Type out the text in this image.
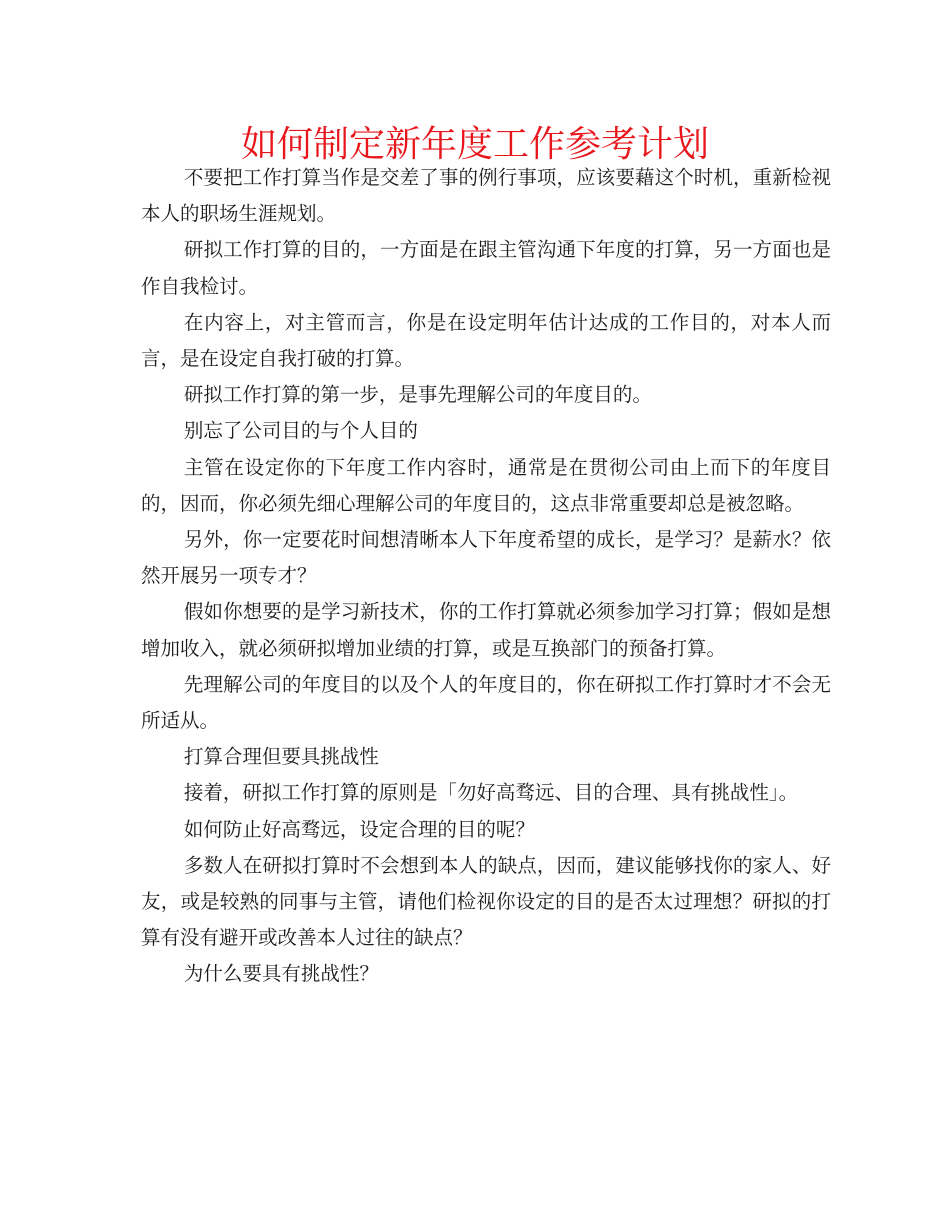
如何制定新年度工作参考计划

不要把工作打算当作是交差了事的例行事项，应该要藉这个时机，重新检视本人的职场生涯规划。

研拟工作打算的目的，一方面是在跟主管沟通下年度的打算，另一方面也是作自我检讨。

在内容上，对主管而言，你是在设定明年估计达成的工作目的，对本人而言，是在设定自我打破的打算。

研拟工作打算的第一步，是事先理解公司的年度目的。

别忘了公司目的与个人目的

主管在设定你的下年度工作内容时，通常是在贯彻公司由上而下的年度目的，因而，你必须先细心理解公司的年度目的，这点非常重要却总是被忽略。

另外，你一定要花时间想清晰本人下年度希望的成长，是学习？是薪水？依然开展另一项专才？

假如你想要的是学习新技术，你的工作打算就必须参加学习打算；假如是想增加收入，就必须研拟增加业绩的打算，或是互换部门的预备打算。

先理解公司的年度目的以及个人的年度目的，你在研拟工作打算时才不会无所适从。

打算合理但要具挑战性

接着，研拟工作打算的原则是「勿好高骛远、目的合理、具有挑战性」。

如何防止好高骛远，设定合理的目的呢？

多数人在研拟打算时不会想到本人的缺点，因而，建议能够找你的家人、好友，或是较熟的同事与主管，请他们检视你设定的目的是否太过理想？研拟的打算有没有避开或改善本人过往的缺点？

为什么要具有挑战性？
